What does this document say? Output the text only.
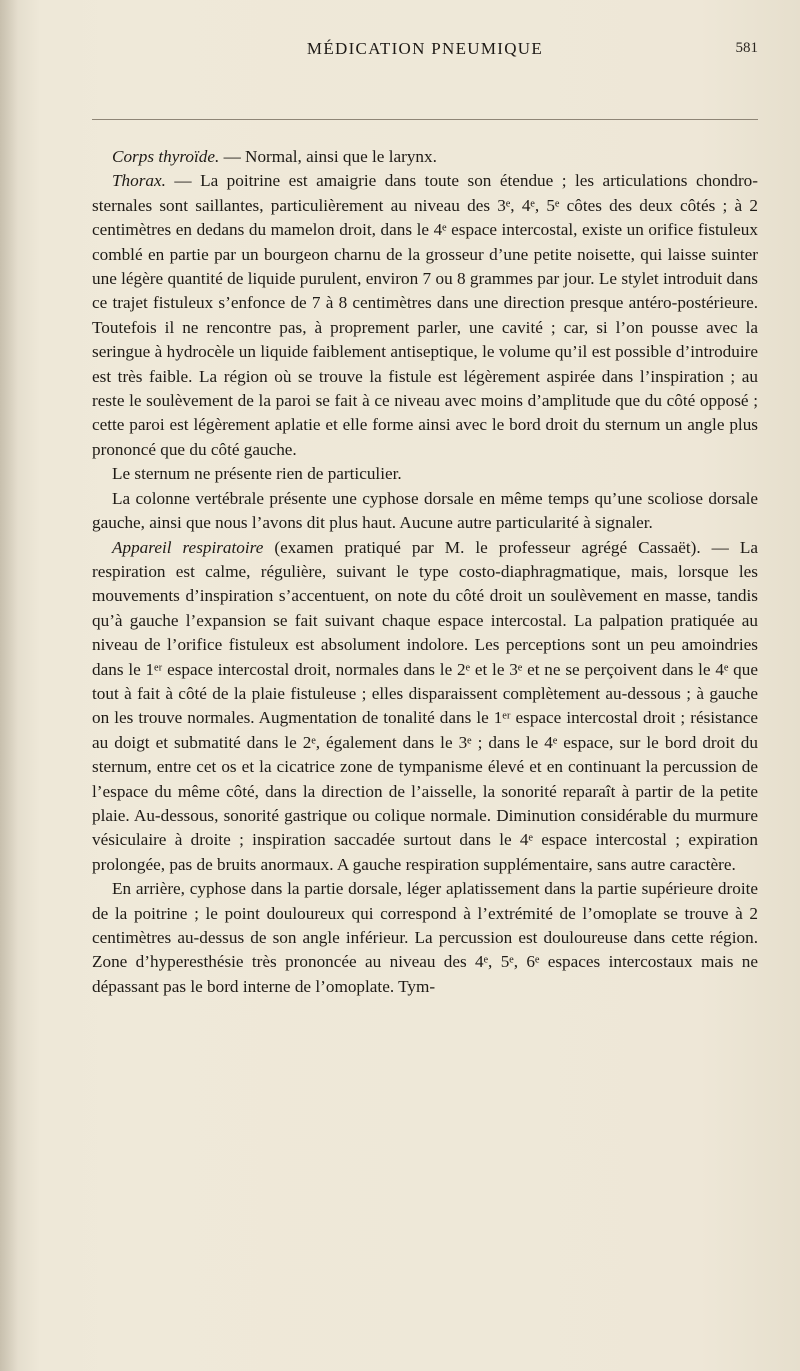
MÉDICATION PNEUMIQUE	581

Corps thyroïde. — Normal, ainsi que le larynx.

Thorax. — La poitrine est amaigrie dans toute son étendue ; les articulations chondro-sternales sont saillantes, particulièrement au niveau des 3ᵉ, 4ᵉ, 5ᵉ côtes des deux côtés ; à 2 centimètres en dedans du mamelon droit, dans le 4ᵉ espace intercostal, existe un orifice fistuleux comblé en partie par un bourgeon charnu de la grosseur d’une petite noisette, qui laisse suinter une légère quantité de liquide purulent, environ 7 ou 8 grammes par jour. Le stylet introduit dans ce trajet fistuleux s’enfonce de 7 à 8 centimètres dans une direction presque antéro-postérieure. Toutefois il ne rencontre pas, à proprement parler, une cavité ; car, si l’on pousse avec la seringue à hydrocèle un liquide faiblement antiseptique, le volume qu’il est possible d’introduire est très faible. La région où se trouve la fistule est légèrement aspirée dans l’inspiration ; au reste le soulèvement de la paroi se fait à ce niveau avec moins d’amplitude que du côté opposé ; cette paroi est légèrement aplatie et elle forme ainsi avec le bord droit du sternum un angle plus prononcé que du côté gauche.

Le sternum ne présente rien de particulier.

La colonne vertébrale présente une cyphose dorsale en même temps qu’une scoliose dorsale gauche, ainsi que nous l’avons dit plus haut. Aucune autre particularité à signaler.

Appareil respiratoire (examen pratiqué par M. le professeur agrégé Cassaët). — La respiration est calme, régulière, suivant le type costo-diaphragmatique, mais, lorsque les mouvements d’inspiration s’accentuent, on note du côté droit un soulèvement en masse, tandis qu’à gauche l’expansion se fait suivant chaque espace intercostal. La palpation pratiquée au niveau de l’orifice fistuleux est absolument indolore. Les perceptions sont un peu amoindries dans le 1ᵉʳ espace intercostal droit, normales dans le 2ᵉ et le 3ᵉ et ne se perçoivent dans le 4ᵉ que tout à fait à côté de la plaie fistuleuse ; elles disparaissent complètement au-dessous ; à gauche on les trouve normales. Augmentation de tonalité dans le 1ᵉʳ espace intercostal droit ; résistance au doigt et submatité dans le 2ᵉ, également dans le 3ᵉ ; dans le 4ᵉ espace, sur le bord droit du sternum, entre cet os et la cicatrice zone de tympanisme élevé et en continuant la percussion de l’espace du même côté, dans la direction de l’aisselle, la sonorité reparaît à partir de la petite plaie. Au-dessous, sonorité gastrique ou colique normale. Diminution considérable du murmure vésiculaire à droite ; inspiration saccadée surtout dans le 4ᵉ espace intercostal ; expiration prolongée, pas de bruits anormaux. A gauche respiration supplémentaire, sans autre caractère.

En arrière, cyphose dans la partie dorsale, léger aplatissement dans la partie supérieure droite de la poitrine ; le point douloureux qui correspond à l’extrémité de l’omoplate se trouve à 2 centimètres au-dessus de son angle inférieur. La percussion est douloureuse dans cette région. Zone d’hyperesthésie très prononcée au niveau des 4ᵉ, 5ᵉ, 6ᵉ espaces intercostaux mais ne dépassant pas le bord interne de l’omoplate. Tym-
